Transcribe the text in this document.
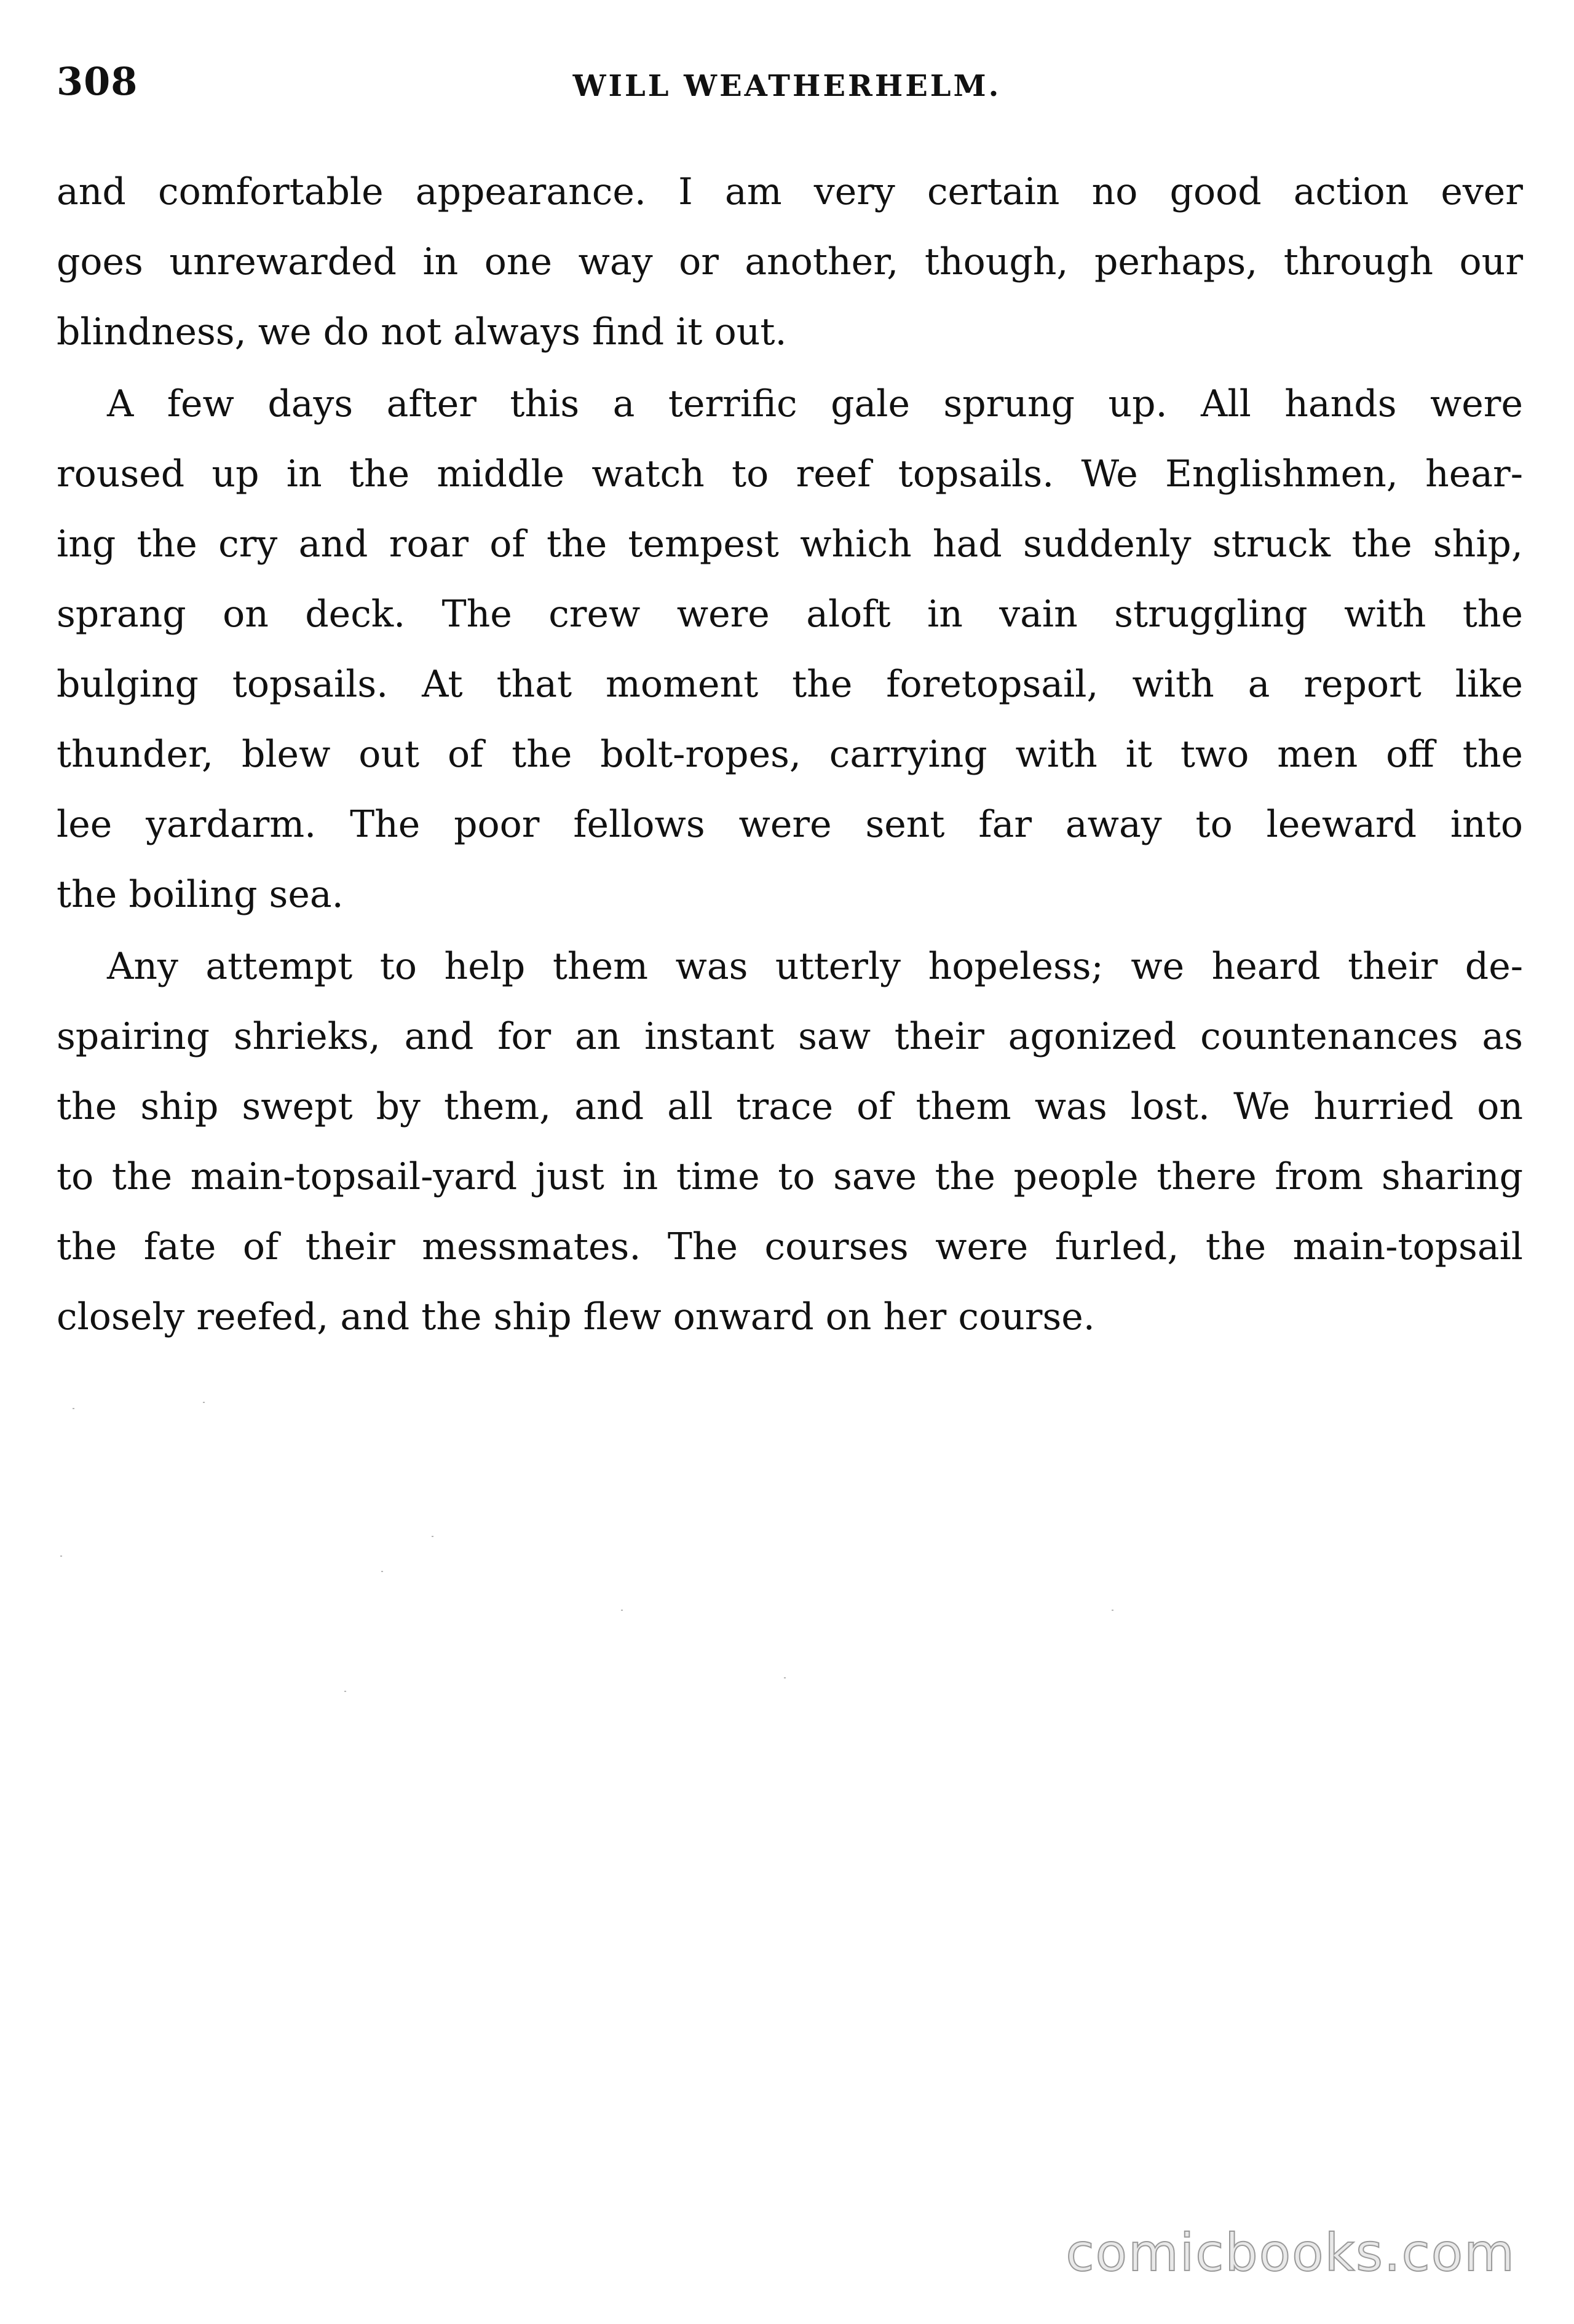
308	WILL WEATHERHELM.

and comfortable appearance. I am very certain no good action ever
goes unrewarded in one way or another, though, perhaps, through our
blindness, we do not always find it out.

A few days after this a terrific gale sprung up. All hands were
roused up in the middle watch to reef topsails. We Englishmen, hear-
ing the cry and roar of the tempest which had suddenly struck the ship,
sprang on deck. The crew were aloft in vain struggling with the
bulging topsails. At that moment the foretopsail, with a report like
thunder, blew out of the bolt-ropes, carrying with it two men off the
lee yardarm. The poor fellows were sent far away to leeward into
the boiling sea.

Any attempt to help them was utterly hopeless; we heard their de-
spairing shrieks, and for an instant saw their agonized countenances as
the ship swept by them, and all trace of them was lost. We hurried on
to the main-topsail-yard just in time to save the people there from sharing
the fate of their messmates. The courses were furled, the main-topsail
closely reefed, and the ship flew onward on her course.

comicbooks.com
